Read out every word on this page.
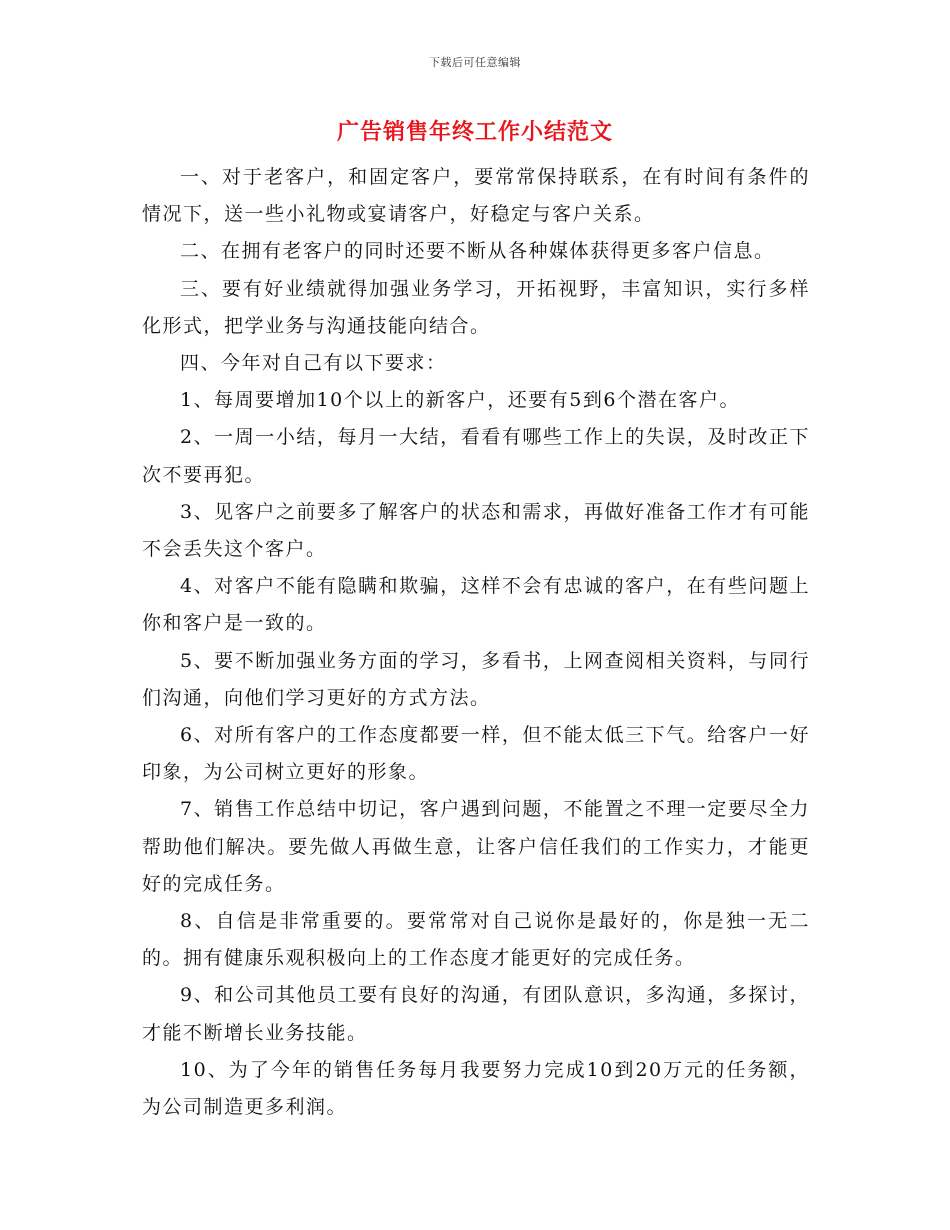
下载后可任意编辑
广告销售年终工作小结范文

一、对于老客户，和固定客户，要常常保持联系，在有时间有条件的情况下，送一些小礼物或宴请客户，好稳定与客户关系。

二、在拥有老客户的同时还要不断从各种媒体获得更多客户信息。

三、要有好业绩就得加强业务学习，开拓视野，丰富知识，实行多样化形式，把学业务与沟通技能向结合。

四、今年对自己有以下要求：

1、每周要增加10个以上的新客户，还要有5到6个潜在客户。

2、一周一小结，每月一大结，看看有哪些工作上的失误，及时改正下次不要再犯。

3、见客户之前要多了解客户的状态和需求，再做好准备工作才有可能不会丢失这个客户。

4、对客户不能有隐瞒和欺骗，这样不会有忠诚的客户，在有些问题上你和客户是一致的。

5、要不断加强业务方面的学习，多看书，上网查阅相关资料，与同行们沟通，向他们学习更好的方式方法。

6、对所有客户的工作态度都要一样，但不能太低三下气。给客户一好印象，为公司树立更好的形象。

7、销售工作总结中切记，客户遇到问题，不能置之不理一定要尽全力帮助他们解决。要先做人再做生意，让客户信任我们的工作实力，才能更好的完成任务。

8、自信是非常重要的。要常常对自己说你是最好的，你是独一无二的。拥有健康乐观积极向上的工作态度才能更好的完成任务。

9、和公司其他员工要有良好的沟通，有团队意识，多沟通，多探讨，才能不断增长业务技能。

10、为了今年的销售任务每月我要努力完成10到20万元的任务额，为公司制造更多利润。
